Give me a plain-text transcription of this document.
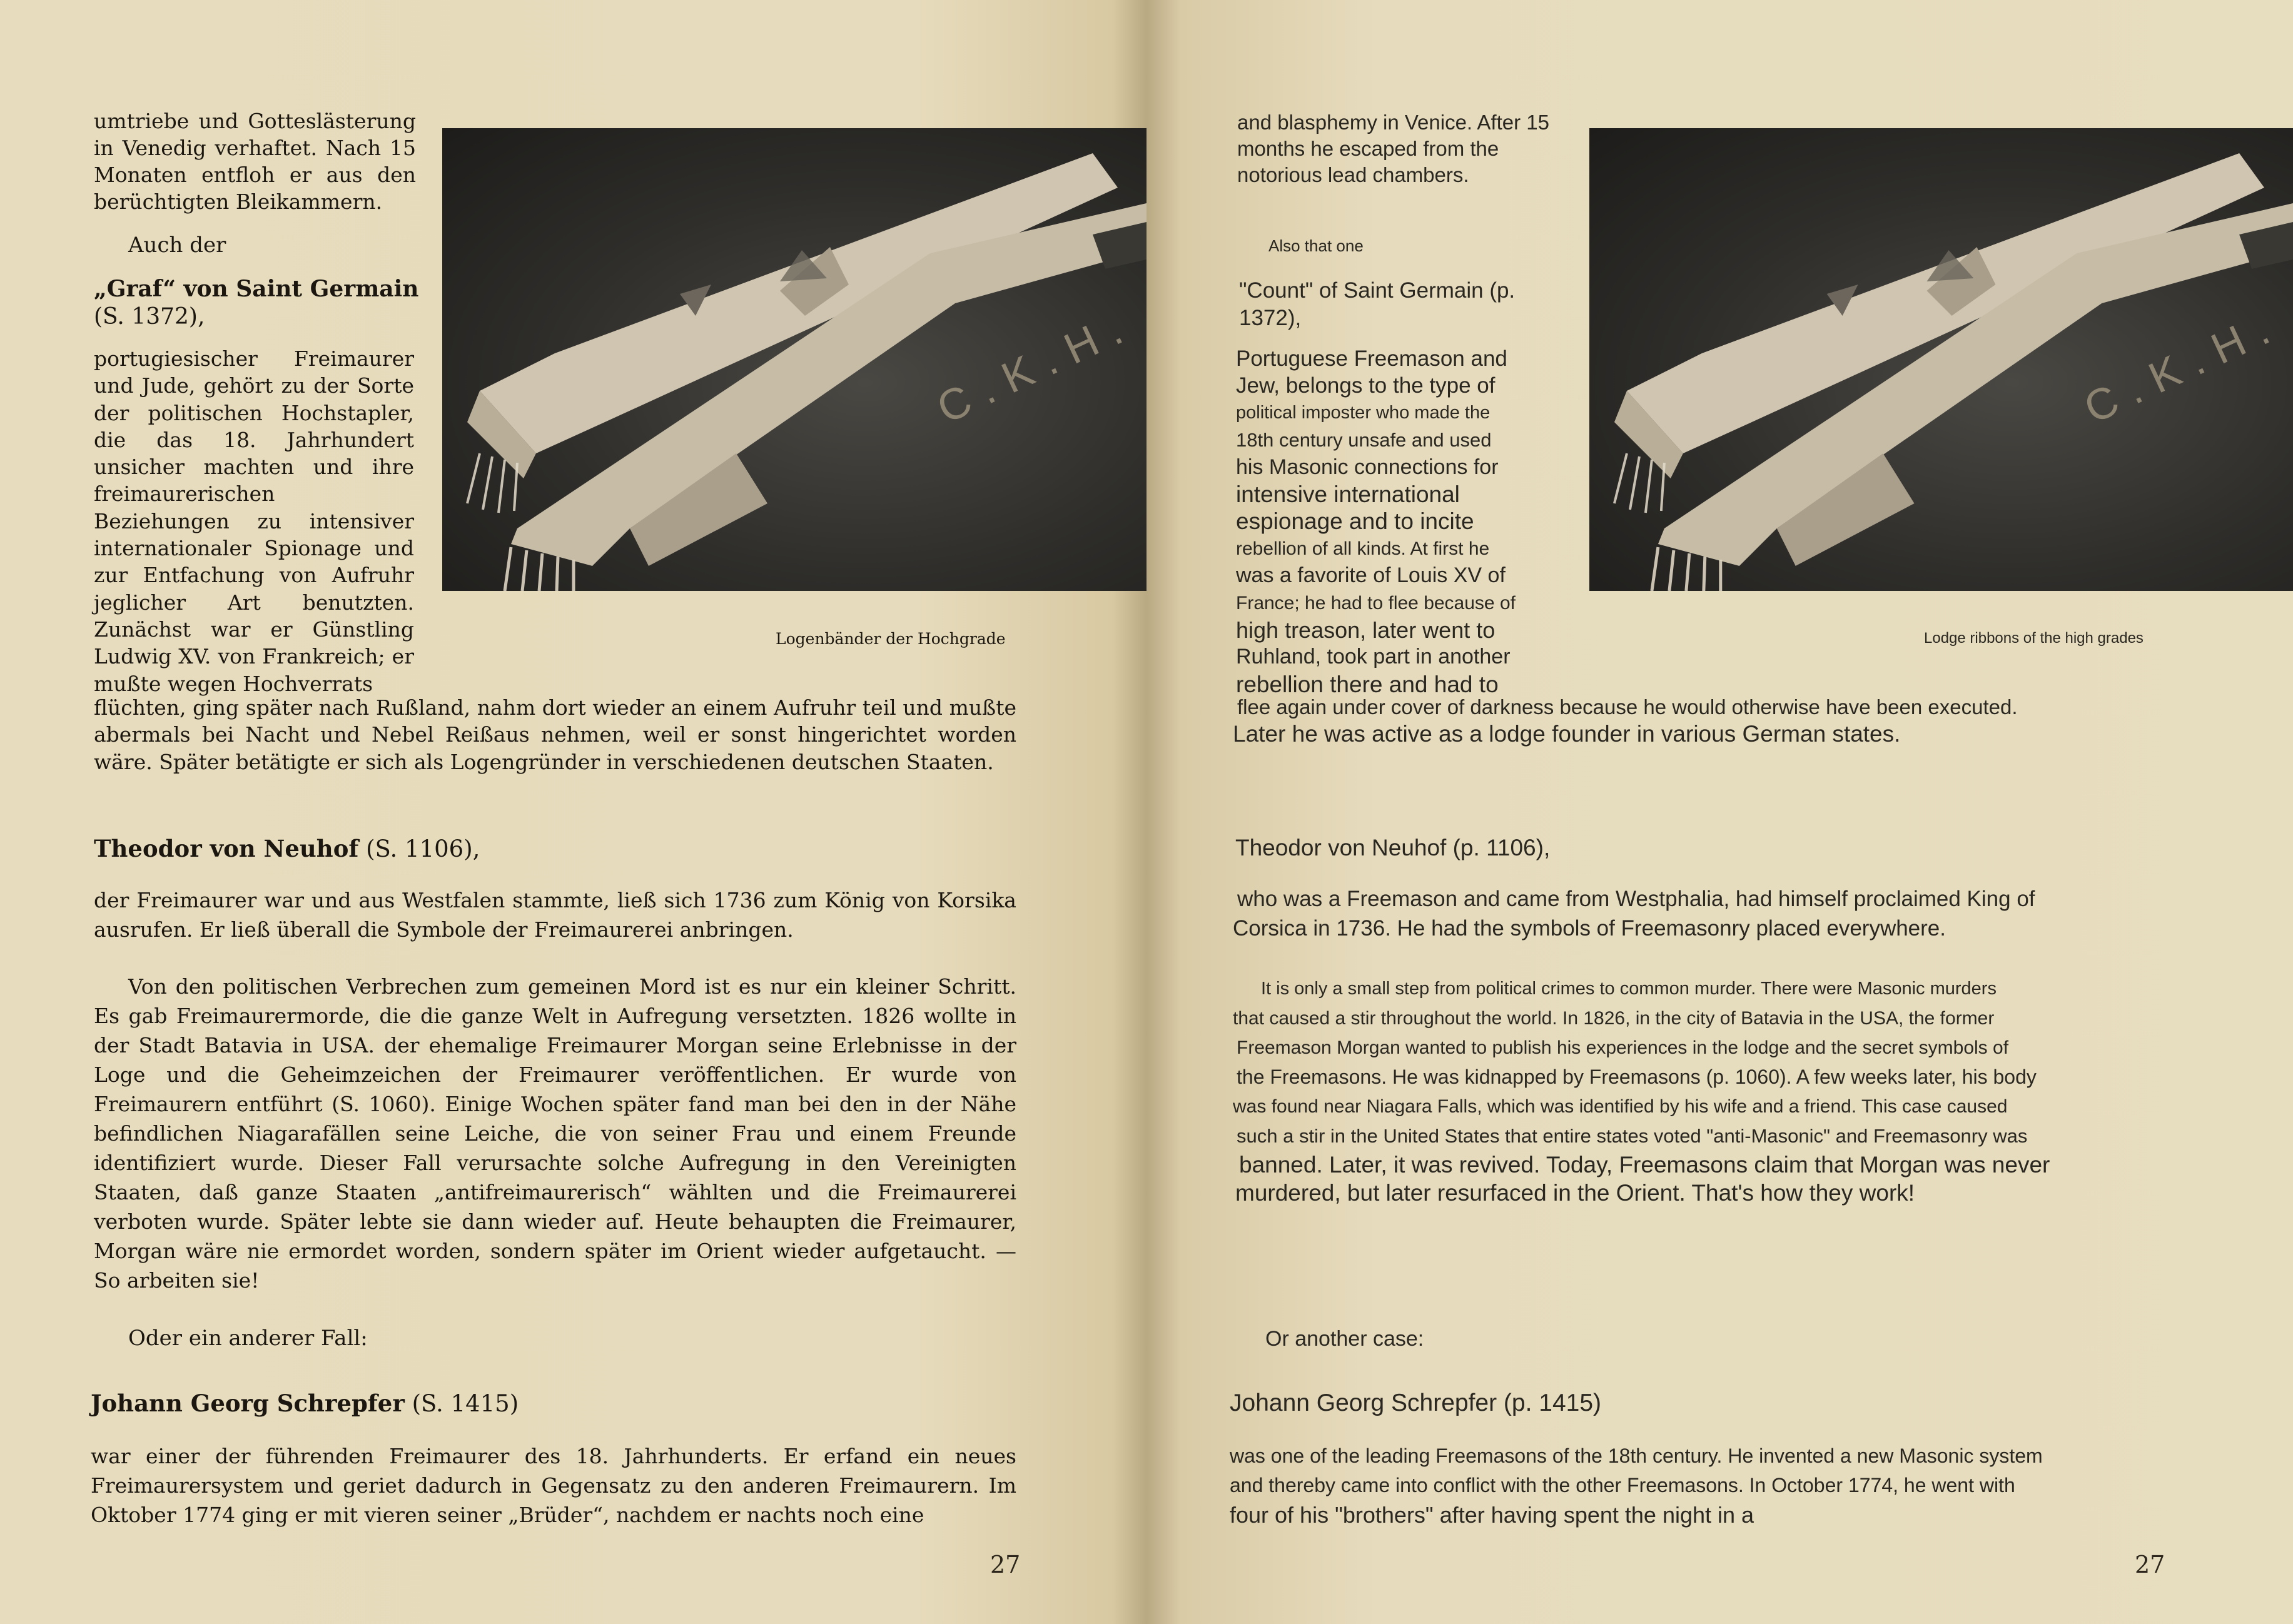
umtriebe und Gotteslästerung in Venedig verhaftet. Nach 15 Monaten entfloh er aus den berüchtigten Bleikammern.

Auch der

„Graf“ von Saint Germain
(S. 1372),

portugiesischer Freimaurer und Jude, gehört zu der Sorte der politischen Hochstapler, die das 18. Jahrhundert unsicher machten und ihre freimaurerischen Beziehungen zu intensiver internationaler Spionage und zur Entfachung von Aufruhr jeglicher Art benutzten. Zunächst war er Günstling Ludwig XV. von Frankreich; er mußte wegen Hochverrats

C.K.H.
Logenbänder der Hochgrade

flüchten, ging später nach Rußland, nahm dort wieder an einem Aufruhr teil und mußte abermals bei Nacht und Nebel Reißaus nehmen, weil er sonst hingerichtet worden wäre. Später betätigte er sich als Logengründer in verschiedenen deutschen Staaten.

Theodor von Neuhof (S. 1106),

der Freimaurer war und aus Westfalen stammte, ließ sich 1736 zum König von Korsika ausrufen. Er ließ überall die Symbole der Freimaurerei anbringen.

Von den politischen Verbrechen zum gemeinen Mord ist es nur ein kleiner Schritt. Es gab Freimaurermorde, die die ganze Welt in Aufregung versetzten. 1826 wollte in der Stadt Batavia in USA. der ehemalige Freimaurer Morgan seine Erlebnisse in der Loge und die Geheimzeichen der Freimaurer veröffentlichen. Er wurde von Freimaurern entführt (S. 1060). Einige Wochen später fand man bei den in der Nähe befindlichen Niagarafällen seine Leiche, die von seiner Frau und einem Freunde identifiziert wurde. Dieser Fall verursachte solche Aufregung in den Vereinigten Staaten, daß ganze Staaten „antifreimaurerisch“ wählten und die Freimaurerei verboten wurde. Später lebte sie dann wieder auf. Heute behaupten die Freimaurer, Morgan wäre nie ermordet worden, sondern später im Orient wieder aufgetaucht. — So arbeiten sie!

Oder ein anderer Fall:

Johann Georg Schrepfer (S. 1415)

war einer der führenden Freimaurer des 18. Jahrhunderts. Er erfand ein neues Freimaurersystem und geriet dadurch in Gegensatz zu den anderen Freimaurern. Im Oktober 1774 ging er mit vieren seiner „Brüder“, nachdem er nachts noch eine

27

and blasphemy in Venice. After 15 months he escaped from the notorious lead chambers.

Also that one

"Count" of Saint Germain (p. 1372),

Portuguese Freemason and
Jew, belongs to the type of
political imposter who made the
18th century unsafe and used
his Masonic connections for
intensive international
espionage and to incite
rebellion of all kinds. At first he
was a favorite of Louis XV of
France; he had to flee because of
high treason, later went to
Ruhland, took part in another
rebellion there and had to
C.K.H.
Lodge ribbons of the high grades

flee again under cover of darkness because he would otherwise have been executed.

Later he was active as a lodge founder in various German states.

Theodor von Neuhof (p. 1106),

who was a Freemason and came from Westphalia, had himself proclaimed King of

Corsica in 1736. He had the symbols of Freemasonry placed everywhere.

It is only a small step from political crimes to common murder. There were Masonic murders
that caused a stir throughout the world. In 1826, in the city of Batavia in the USA, the former
Freemason Morgan wanted to publish his experiences in the lodge and the secret symbols of
the Freemasons. He was kidnapped by Freemasons (p. 1060). A few weeks later, his body
was found near Niagara Falls, which was identified by his wife and a friend. This case caused
such a stir in the United States that entire states voted "anti-Masonic" and Freemasonry was
banned. Later, it was revived. Today, Freemasons claim that Morgan was never
murdered, but later resurfaced in the Orient. That's how they work!

Or another case:

Johann Georg Schrepfer (p. 1415)

was one of the leading Freemasons of the 18th century. He invented a new Masonic system
and thereby came into conflict with the other Freemasons. In October 1774, he went with
four of his "brothers" after having spent the night in a
27
